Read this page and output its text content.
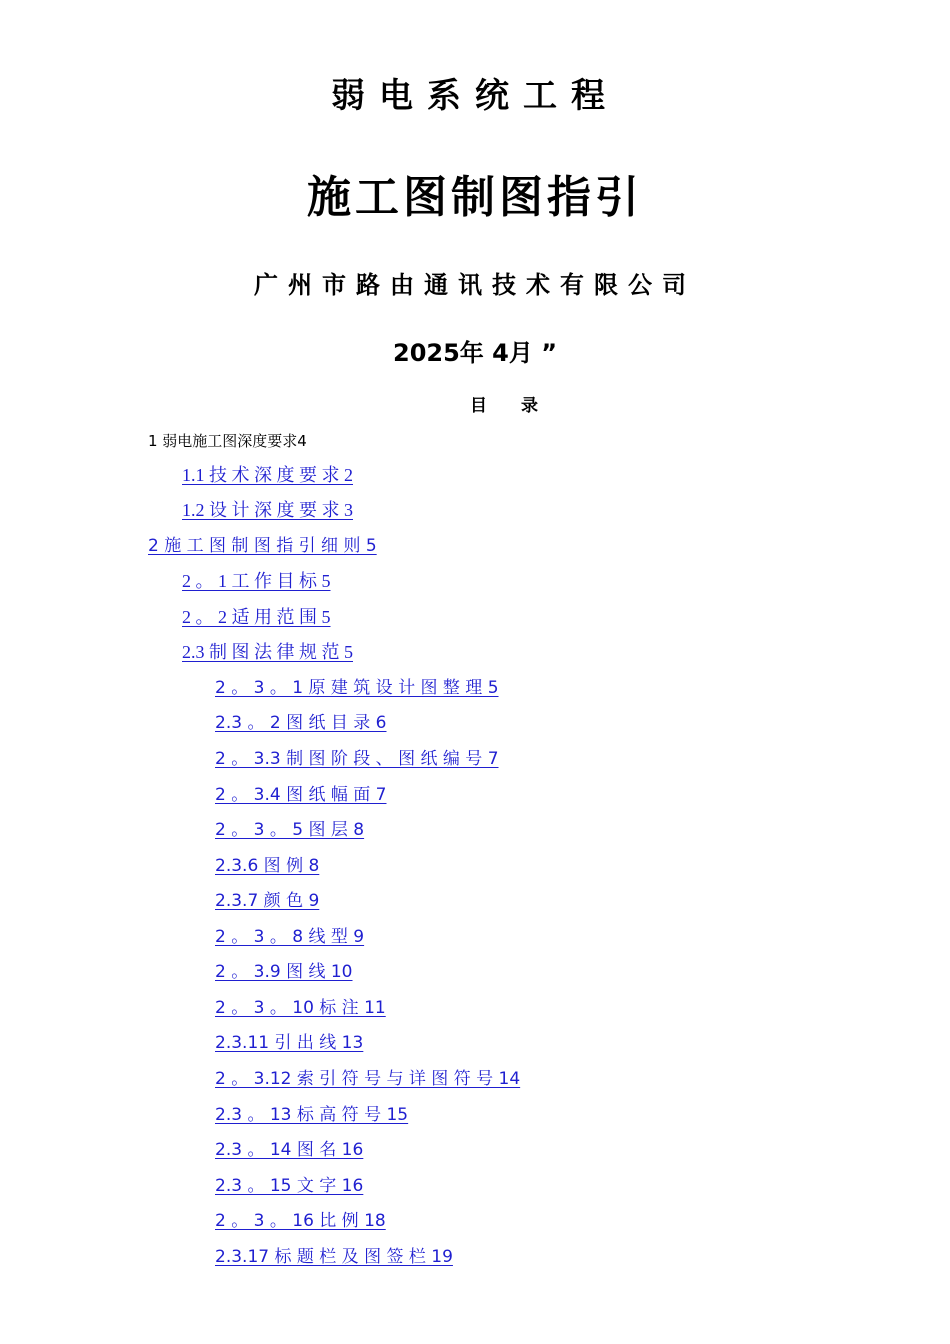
弱电系统工程
施工图制图指引
广州市路由通讯技术有限公司
2025年 4月 ”
目 录
1 弱电施工图深度要求4
1.1 技 术 深 度 要 求 2
1.2 设 计 深 度 要 求 3
2 施 工 图 制 图 指 引 细 则 5
2 。 1 工 作 目 标 5
2 。 2 适 用 范 围 5
2.3 制 图 法 律 规 范 5
2 。 3 。 1 原 建 筑 设 计 图 整 理 5
2.3 。 2 图 纸 目 录 6
2 。 3.3 制 图 阶 段 、 图 纸 编 号 7
2 。 3.4 图 纸 幅 面 7
2 。 3 。 5 图 层 8
2.3.6 图 例 8
2.3.7 颜 色 9
2 。 3 。 8 线 型 9
2 。 3.9 图 线 10
2 。 3 。 10 标 注 11
2.3.11 引 出 线 13
2 。 3.12 索 引 符 号 与 详 图 符 号 14
2.3 。 13 标 高 符 号 15
2.3 。 14 图 名 16
2.3 。 15 文 字 16
2 。 3 。 16 比 例 18
2.3.17 标 题 栏 及 图 签 栏 19
